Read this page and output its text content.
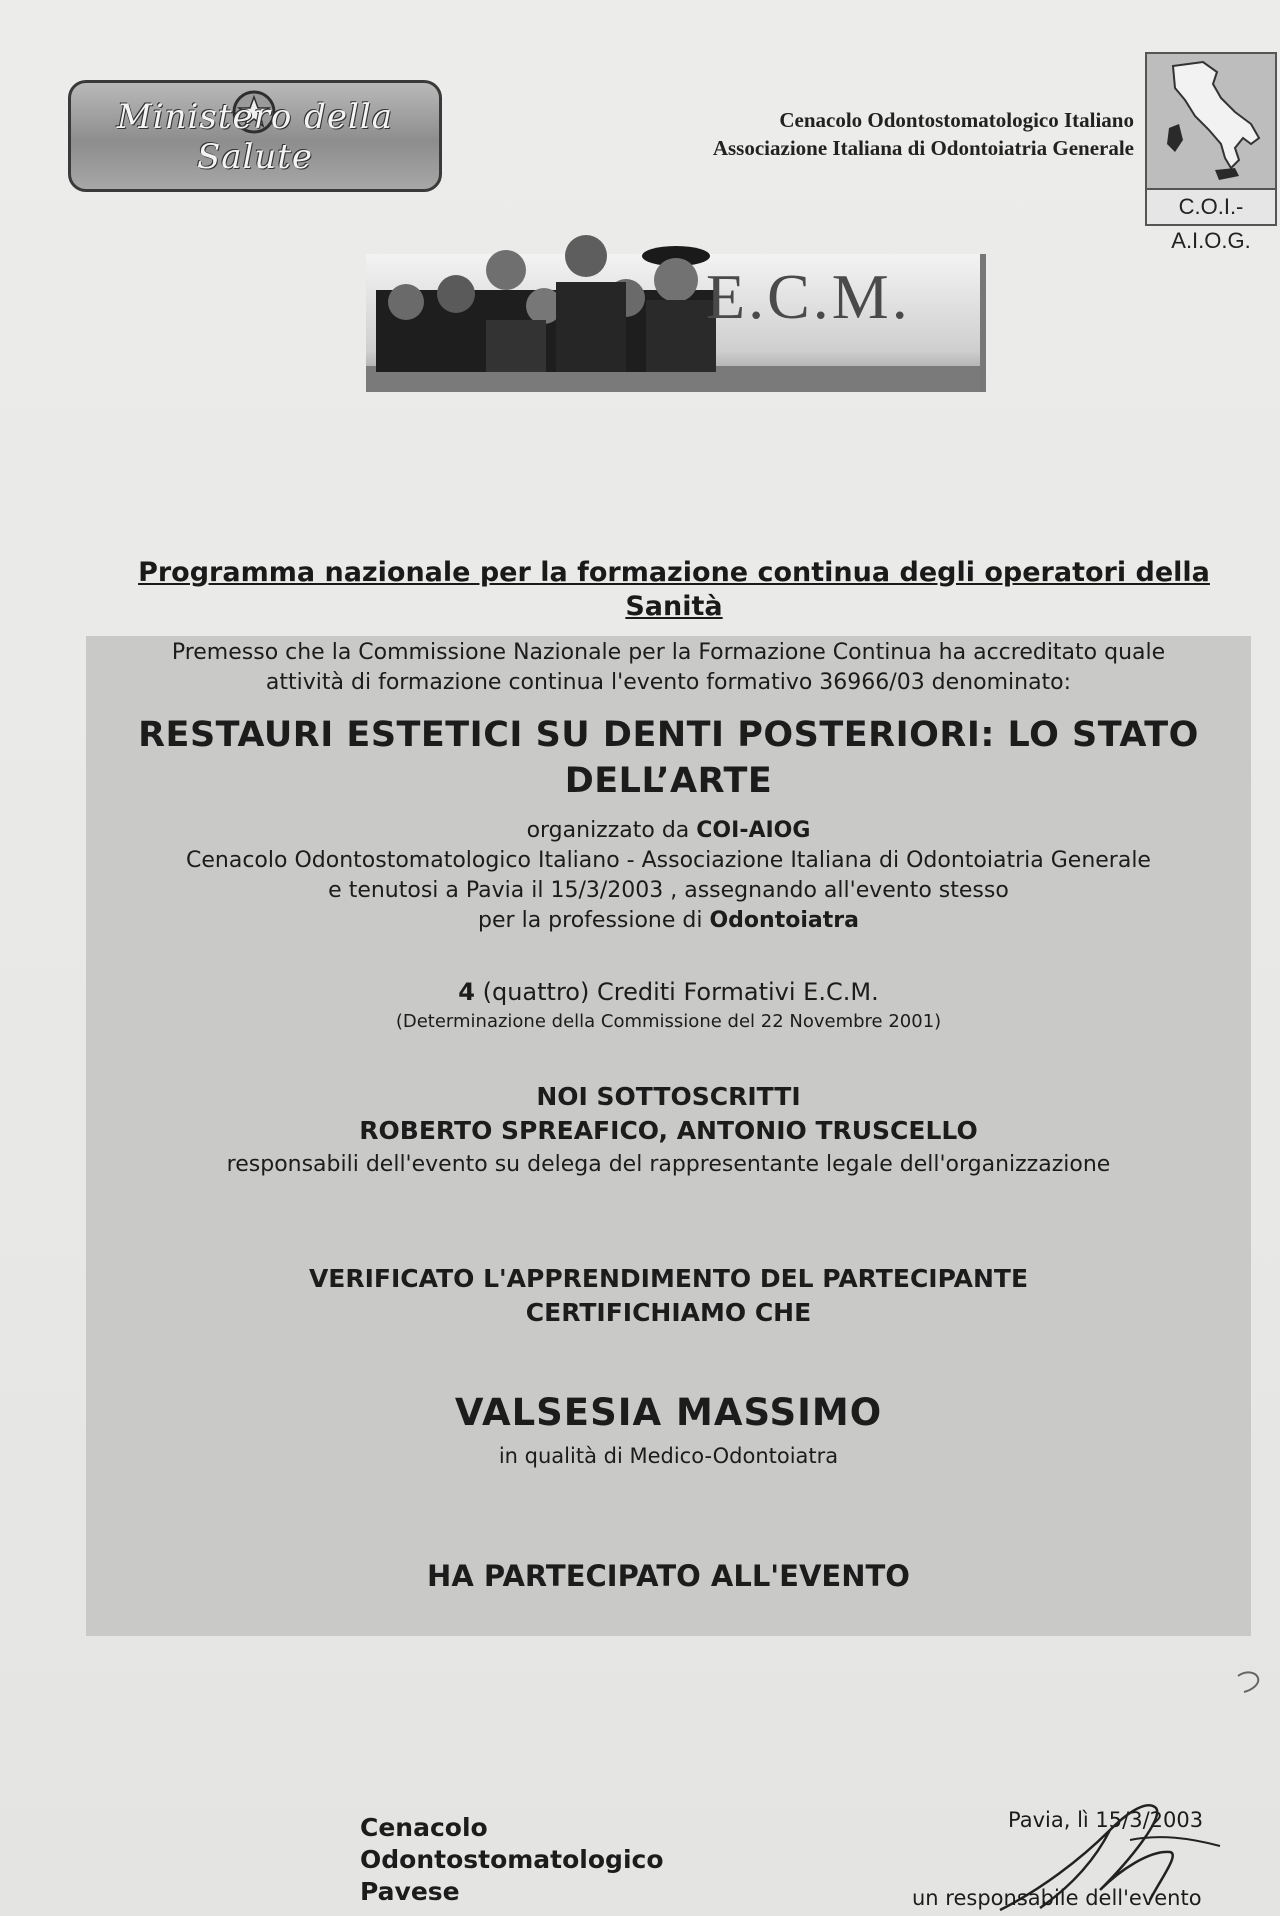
Ministero della Salute
Cenacolo Odontostomatologico Italiano
Associazione Italiana di Odontoiatria Generale
C.O.I.-A.I.O.G.
E.C.M.
Programma nazionale per la formazione continua degli operatori della
Sanità
Premesso che la Commissione Nazionale per la Formazione Continua ha accreditato quale
attività di formazione continua l'evento formativo 36966/03 denominato:
RESTAURI ESTETICI SU DENTI POSTERIORI: LO STATO
DELL’ARTE
organizzato da COI-AIOG
Cenacolo Odontostomatologico Italiano - Associazione Italiana di Odontoiatria Generale
e tenutosi a Pavia il 15/3/2003 , assegnando all'evento stesso
per la professione di Odontoiatra
4 (quattro) Crediti Formativi E.C.M.
(Determinazione della Commissione del 22 Novembre 2001)
NOI SOTTOSCRITTI
ROBERTO SPREAFICO, ANTONIO TRUSCELLO
responsabili dell'evento su delega del rappresentante legale dell'organizzazione
VERIFICATO L'APPRENDIMENTO DEL PARTECIPANTE
CERTIFICHIAMO CHE
VALSESIA MASSIMO
in qualità di Medico-Odontoiatra
HA PARTECIPATO ALL'EVENTO
Cenacolo
Odontostomatologico
Pavese
Pavia, lì 15/3/2003
un responsabile dell'evento
